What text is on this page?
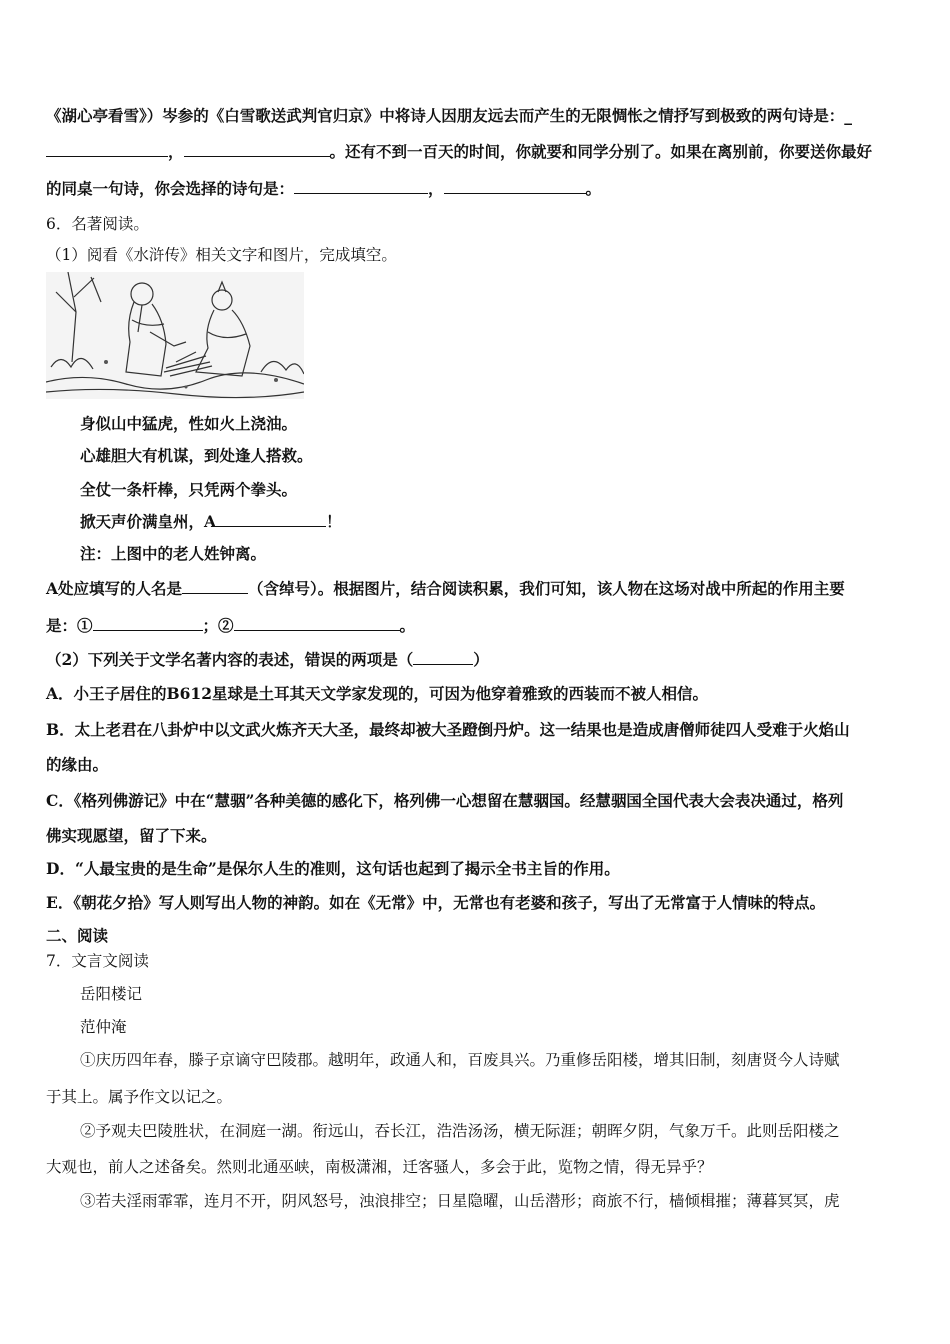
《湖心亭看雪》）岑参的《白雪歌送武判官归京》中将诗人因朋友远去而产生的无限惆怅之情抒写到极致的两句诗是：_
，	。还有不到一百天的时间，你就要和同学分别了。如果在离别前，你要送你最好
的同桌一句诗，你会选择的诗句是：	，	。
6．名著阅读。
（1）阅看《水浒传》相关文字和图片，完成填空。
身似山中猛虎，性如火上浇油。
心雄胆大有机谋，到处逢人搭救。
全仗一条杆棒，只凭两个拳头。
掀天声价满皇州，A	！
注：上图中的老人姓钟离。
A处应填写的人名是	（含绰号）。根据图片，结合阅读积累，我们可知，该人物在这场对战中所起的作用主要
是：①	；②	。
（2）下列关于文学名著内容的表述，错误的两项是（	）
A．小王子居住的B612星球是土耳其天文学家发现的，可因为他穿着雅致的西装而不被人相信。
B．太上老君在八卦炉中以文武火炼齐天大圣，最终却被大圣蹬倒丹炉。这一结果也是造成唐僧师徒四人受难于火焰山
的缘由。
C．《格列佛游记》中在“慧骃”各种美德的感化下，格列佛一心想留在慧骃国。经慧骃国全国代表大会表决通过，格列
佛实现愿望，留了下来。
D．“人最宝贵的是生命”是保尔人生的准则，这句话也起到了揭示全书主旨的作用。
E．《朝花夕拾》写人则写出人物的神韵。如在《无常》中，无常也有老婆和孩子，写出了无常富于人情味的特点。
二、阅读
7．文言文阅读
岳阳楼记
范仲淹
①庆历四年春，滕子京谪守巴陵郡。越明年，政通人和，百废具兴。乃重修岳阳楼，增其旧制，刻唐贤今人诗赋
于其上。属予作文以记之。
②予观夫巴陵胜状，在洞庭一湖。衔远山，吞长江，浩浩汤汤，横无际涯；朝晖夕阴，气象万千。此则岳阳楼之
大观也，前人之述备矣。然则北通巫峡，南极潇湘，迁客骚人，多会于此，览物之情，得无异乎？
③若夫淫雨霏霏，连月不开，阴风怒号，浊浪排空；日星隐曜，山岳潜形；商旅不行，樯倾楫摧；薄暮冥冥，虎
